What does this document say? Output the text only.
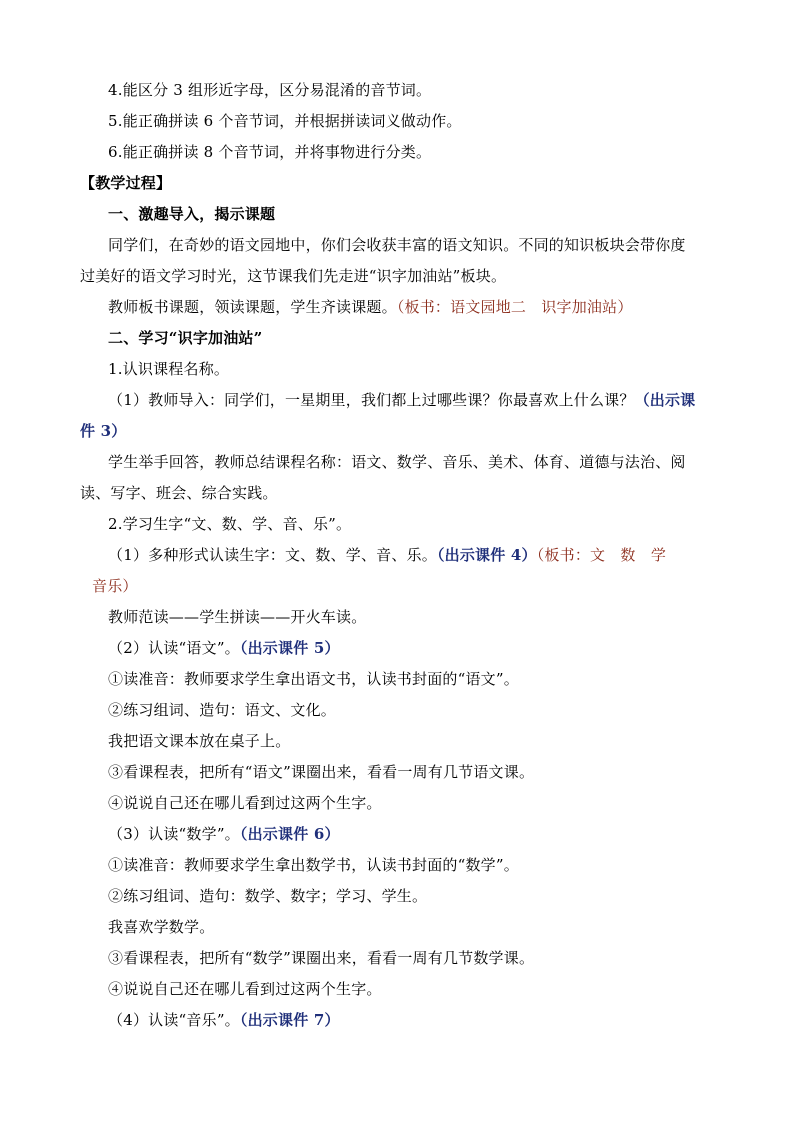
4.能区分 3 组形近字母，区分易混淆的音节词。
5.能正确拼读 6 个音节词，并根据拼读词义做动作。
6.能正确拼读 8 个音节词，并将事物进行分类。
【教学过程】
一、激趣导入，揭示课题
同学们，在奇妙的语文园地中，你们会收获丰富的语文知识。不同的知识板块会带你度
过美好的语文学习时光，这节课我们先走进“识字加油站”板块。
教师板书课题，领读课题，学生齐读课题。（板书：语文园地二　识字加油站）
二、学习“识字加油站”
1.认识课程名称。
（1）教师导入：同学们，一星期里，我们都上过哪些课？你最喜欢上什么课？（出示课
件 3）
学生举手回答，教师总结课程名称：语文、数学、音乐、美术、体育、道德与法治、阅
读、写字、班会、综合实践。
2.学习生字“文、数、学、音、乐”。
（1）多种形式认读生字：文、数、学、音、乐。（出示课件 4）（板书：文　数　学
音乐）
教师范读——学生拼读——开火车读。
（2）认读“语文”。（出示课件 5）
①读准音：教师要求学生拿出语文书，认读书封面的“语文”。
②练习组词、造句：语文、文化。
我把语文课本放在桌子上。
③看课程表，把所有“语文”课圈出来，看看一周有几节语文课。
④说说自己还在哪儿看到过这两个生字。
（3）认读“数学”。（出示课件 6）
①读准音：教师要求学生拿出数学书，认读书封面的“数学”。
②练习组词、造句：数学、数字；学习、学生。
我喜欢学数学。
③看课程表，把所有“数学”课圈出来，看看一周有几节数学课。
④说说自己还在哪儿看到过这两个生字。
（4）认读“音乐”。（出示课件 7）
